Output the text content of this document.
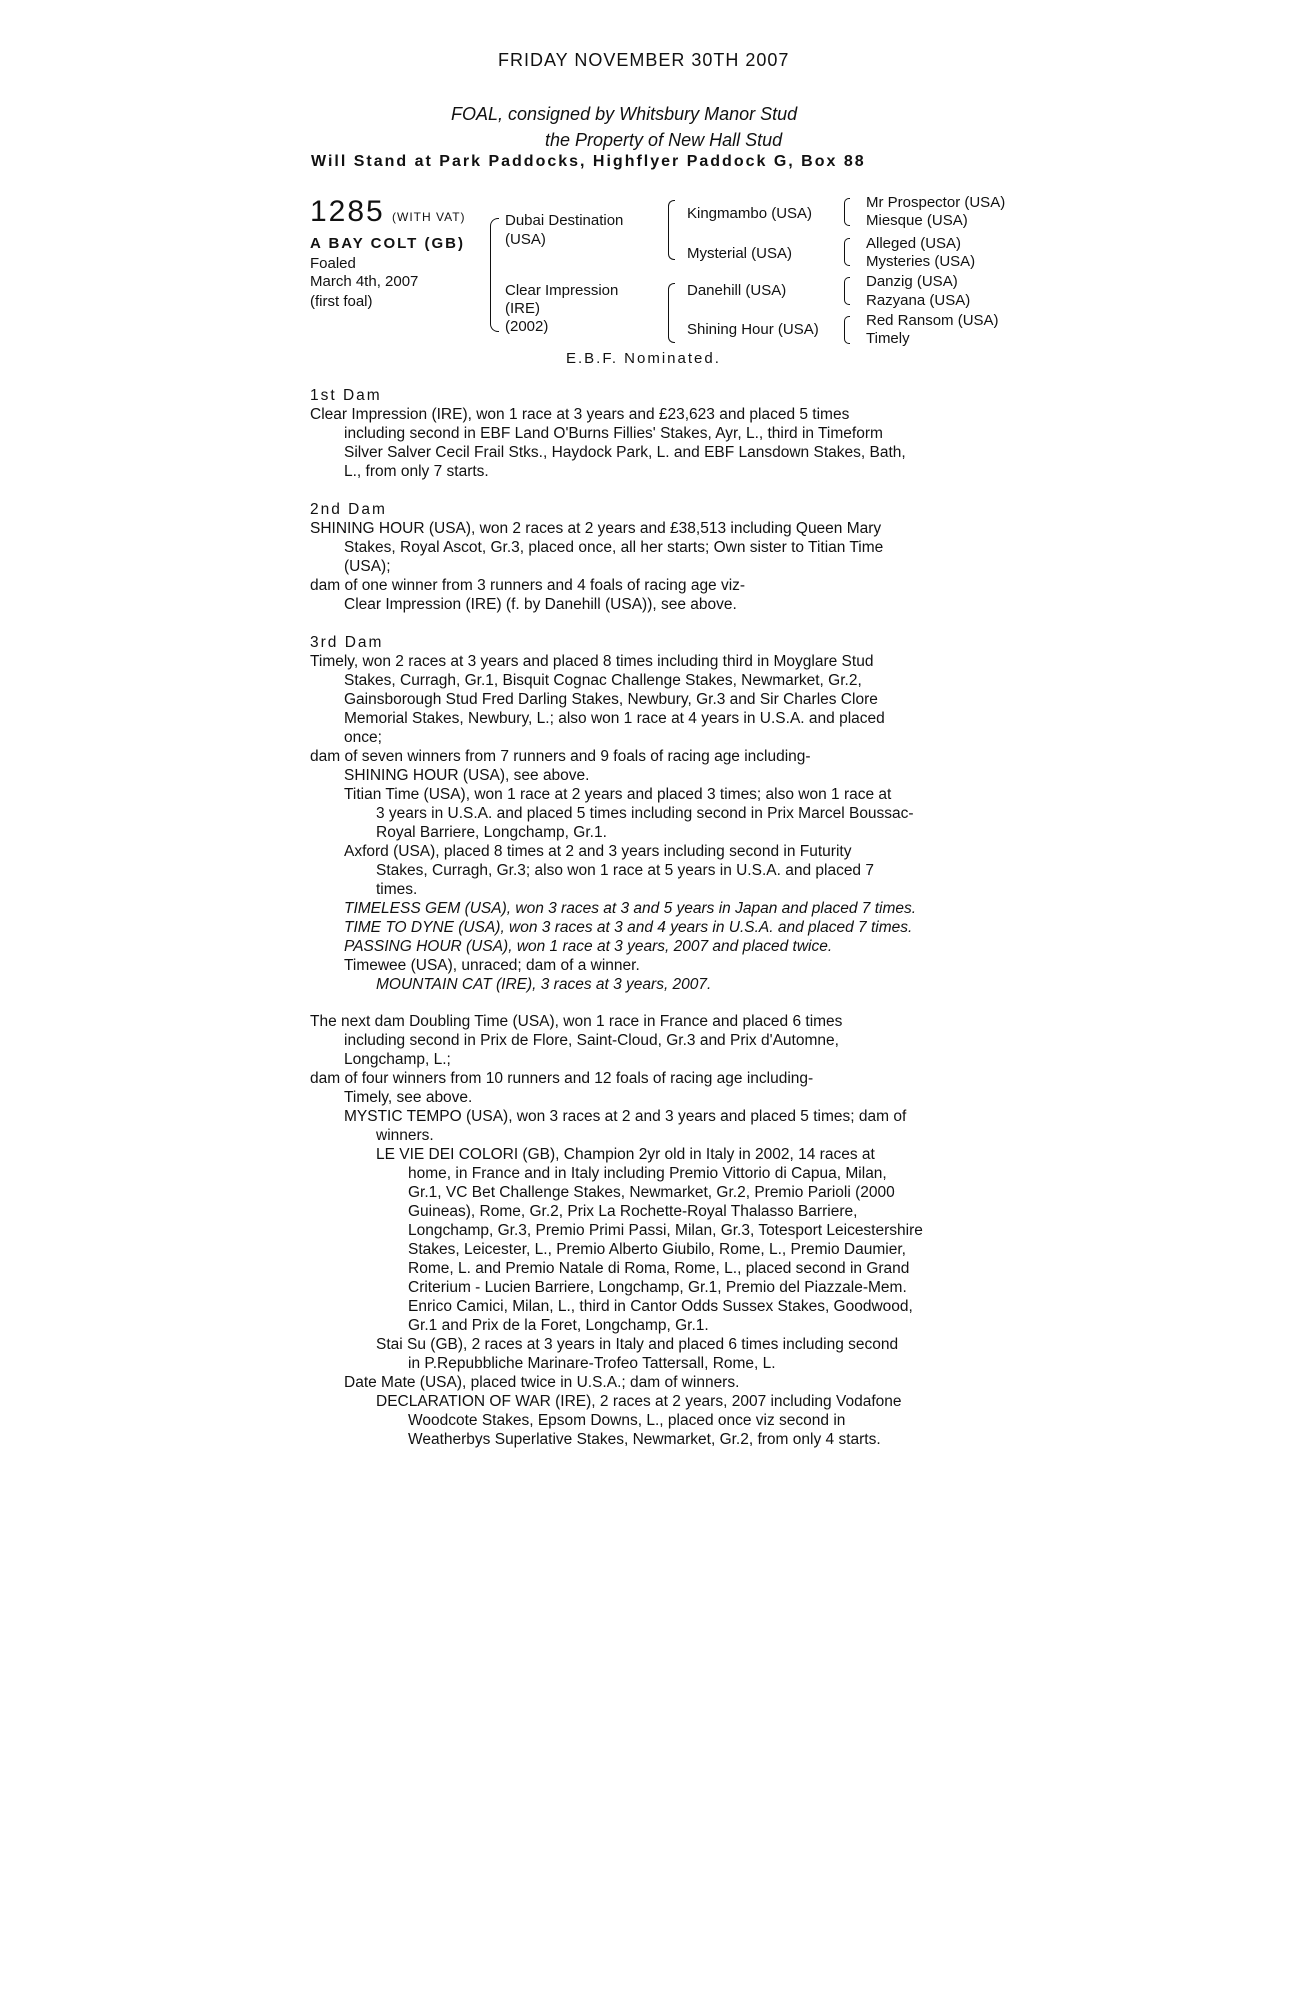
FRIDAY NOVEMBER 30TH 2007
FOAL, consigned by Whitsbury Manor Stud
the Property of New Hall Stud
Will Stand at Park Paddocks, Highflyer Paddock G, Box 88
1285 (WITH VAT)
A BAY COLT (GB)
Foaled
March 4th, 2007
(first foal)
Dubai Destination
(USA)
Clear Impression
(IRE)
(2002)
Kingmambo (USA)
Mysterial (USA)
Danehill (USA)
Shining Hour (USA)
Mr Prospector (USA)
Miesque (USA)
Alleged (USA)
Mysteries (USA)
Danzig (USA)
Razyana (USA)
Red Ransom (USA)
Timely
E.B.F. Nominated.
1st Dam
Clear Impression (IRE), won 1 race at 3 years and £23,623 and placed 5 times
including second in EBF Land O'Burns Fillies' Stakes, Ayr, L., third in Timeform
Silver Salver Cecil Frail Stks., Haydock Park, L. and EBF Lansdown Stakes, Bath,
L., from only 7 starts.
2nd Dam
SHINING HOUR (USA), won 2 races at 2 years and £38,513 including Queen Mary
Stakes, Royal Ascot, Gr.3, placed once, all her starts; Own sister to Titian Time
(USA);
dam of one winner from 3 runners and 4 foals of racing age viz-
Clear Impression (IRE) (f. by Danehill (USA)), see above.
3rd Dam
Timely, won 2 races at 3 years and placed 8 times including third in Moyglare Stud
Stakes, Curragh, Gr.1, Bisquit Cognac Challenge Stakes, Newmarket, Gr.2,
Gainsborough Stud Fred Darling Stakes, Newbury, Gr.3 and Sir Charles Clore
Memorial Stakes, Newbury, L.; also won 1 race at 4 years in U.S.A. and placed
once;
dam of seven winners from 7 runners and 9 foals of racing age including-
SHINING HOUR (USA), see above.
Titian Time (USA), won 1 race at 2 years and placed 3 times; also won 1 race at
3 years in U.S.A. and placed 5 times including second in Prix Marcel Boussac-
Royal Barriere, Longchamp, Gr.1.
Axford (USA), placed 8 times at 2 and 3 years including second in Futurity
Stakes, Curragh, Gr.3; also won 1 race at 5 years in U.S.A. and placed 7
times.
TIMELESS GEM (USA), won 3 races at 3 and 5 years in Japan and placed 7 times.
TIME TO DYNE (USA), won 3 races at 3 and 4 years in U.S.A. and placed 7 times.
PASSING HOUR (USA), won 1 race at 3 years, 2007 and placed twice.
Timewee (USA), unraced; dam of a winner.
MOUNTAIN CAT (IRE), 3 races at 3 years, 2007.
The next dam Doubling Time (USA), won 1 race in France and placed 6 times
including second in Prix de Flore, Saint-Cloud, Gr.3 and Prix d'Automne,
Longchamp, L.;
dam of four winners from 10 runners and 12 foals of racing age including-
Timely, see above.
MYSTIC TEMPO (USA), won 3 races at 2 and 3 years and placed 5 times; dam of
winners.
LE VIE DEI COLORI (GB), Champion 2yr old in Italy in 2002, 14 races at
home, in France and in Italy including Premio Vittorio di Capua, Milan,
Gr.1, VC Bet Challenge Stakes, Newmarket, Gr.2, Premio Parioli (2000
Guineas), Rome, Gr.2, Prix La Rochette-Royal Thalasso Barriere,
Longchamp, Gr.3, Premio Primi Passi, Milan, Gr.3, Totesport Leicestershire
Stakes, Leicester, L., Premio Alberto Giubilo, Rome, L., Premio Daumier,
Rome, L. and Premio Natale di Roma, Rome, L., placed second in Grand
Criterium - Lucien Barriere, Longchamp, Gr.1, Premio del Piazzale-Mem.
Enrico Camici, Milan, L., third in Cantor Odds Sussex Stakes, Goodwood,
Gr.1 and Prix de la Foret, Longchamp, Gr.1.
Stai Su (GB), 2 races at 3 years in Italy and placed 6 times including second
in P.Repubbliche Marinare-Trofeo Tattersall, Rome, L.
Date Mate (USA), placed twice in U.S.A.; dam of winners.
DECLARATION OF WAR (IRE), 2 races at 2 years, 2007 including Vodafone
Woodcote Stakes, Epsom Downs, L., placed once viz second in
Weatherbys Superlative Stakes, Newmarket, Gr.2, from only 4 starts.
